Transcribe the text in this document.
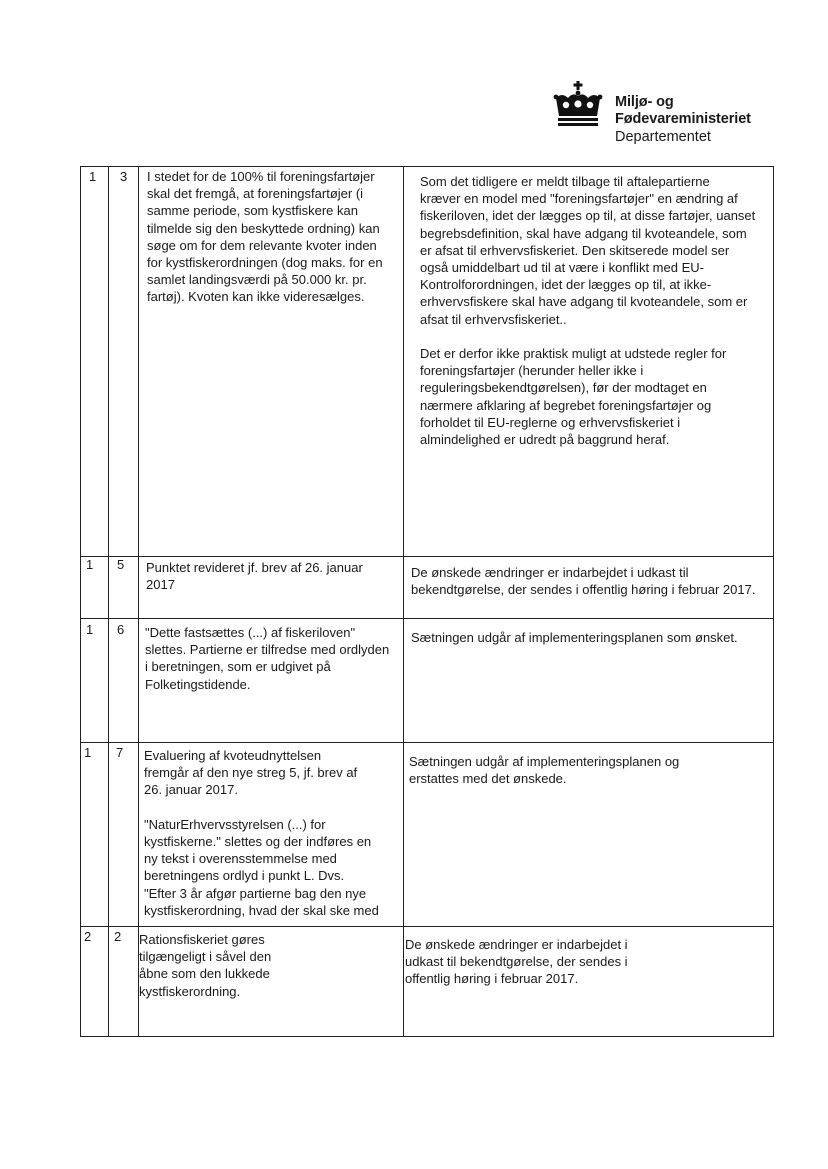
Miljø- og
Fødevareministeriet
Departementet
1 3 I stedet for de 100% til foreningsfartøjer
skal det fremgå, at foreningsfartøjer (i
samme periode, som kystfiskere kan
tilmelde sig den beskyttede ordning) kan
søge om for dem relevante kvoter inden
for kystfiskerordningen (dog maks. for en
samlet landingsværdi på 50.000 kr. pr.
fartøj). Kvoten kan ikke videresælges.
Som det tidligere er meldt tilbage til aftalepartierne
kræver en model med "foreningsfartøjer" en ændring af
fiskeriloven, idet der lægges op til, at disse fartøjer, uanset
begrebsdefinition, skal have adgang til kvoteandele, som
er afsat til erhvervsfiskeriet. Den skitserede model ser
også umiddelbart ud til at være i konflikt med EU-
Kontrolforordningen, idet der lægges op til, at ikke-
erhvervsfiskere skal have adgang til kvoteandele, som er
afsat til erhvervsfiskeriet..

Det er derfor ikke praktisk muligt at udstede regler for
foreningsfartøjer (herunder heller ikke i
reguleringsbekendtgørelsen), før der modtaget en
nærmere afklaring af begrebet foreningsfartøjer og
forholdet til EU-reglerne og erhvervsfiskeriet i
almindelighed er udredt på baggrund heraf.
1 5 Punktet revideret jf. brev af 26. januar
2017
De ønskede ændringer er indarbejdet i udkast til
bekendtgørelse, der sendes i offentlig høring i februar 2017.
1 6 "Dette fastsættes (...) af fiskeriloven"
slettes. Partierne er tilfredse med ordlyden
i beretningen, som er udgivet på
Folketingstidende.
Sætningen udgår af implementeringsplanen som ønsket.
1 7 Evaluering af kvoteudnyttelsen
fremgår af den nye streg 5, jf. brev af
26. januar 2017.

"NaturErhvervsstyrelsen (...) for
kystfiskerne." slettes og der indføres en
ny tekst i overensstemmelse med
beretningens ordlyd i punkt L. Dvs.
"Efter 3 år afgør partierne bag den nye
kystfiskerordning, hvad der skal ske med
Sætningen udgår af implementeringsplanen og
erstattes med det ønskede.
2 2 Rationsfiskeriet gøres
tilgængeligt i såvel den
åbne som den lukkede
kystfiskerordning.
De ønskede ændringer er indarbejdet i
udkast til bekendtgørelse, der sendes i
offentlig høring i februar 2017.
